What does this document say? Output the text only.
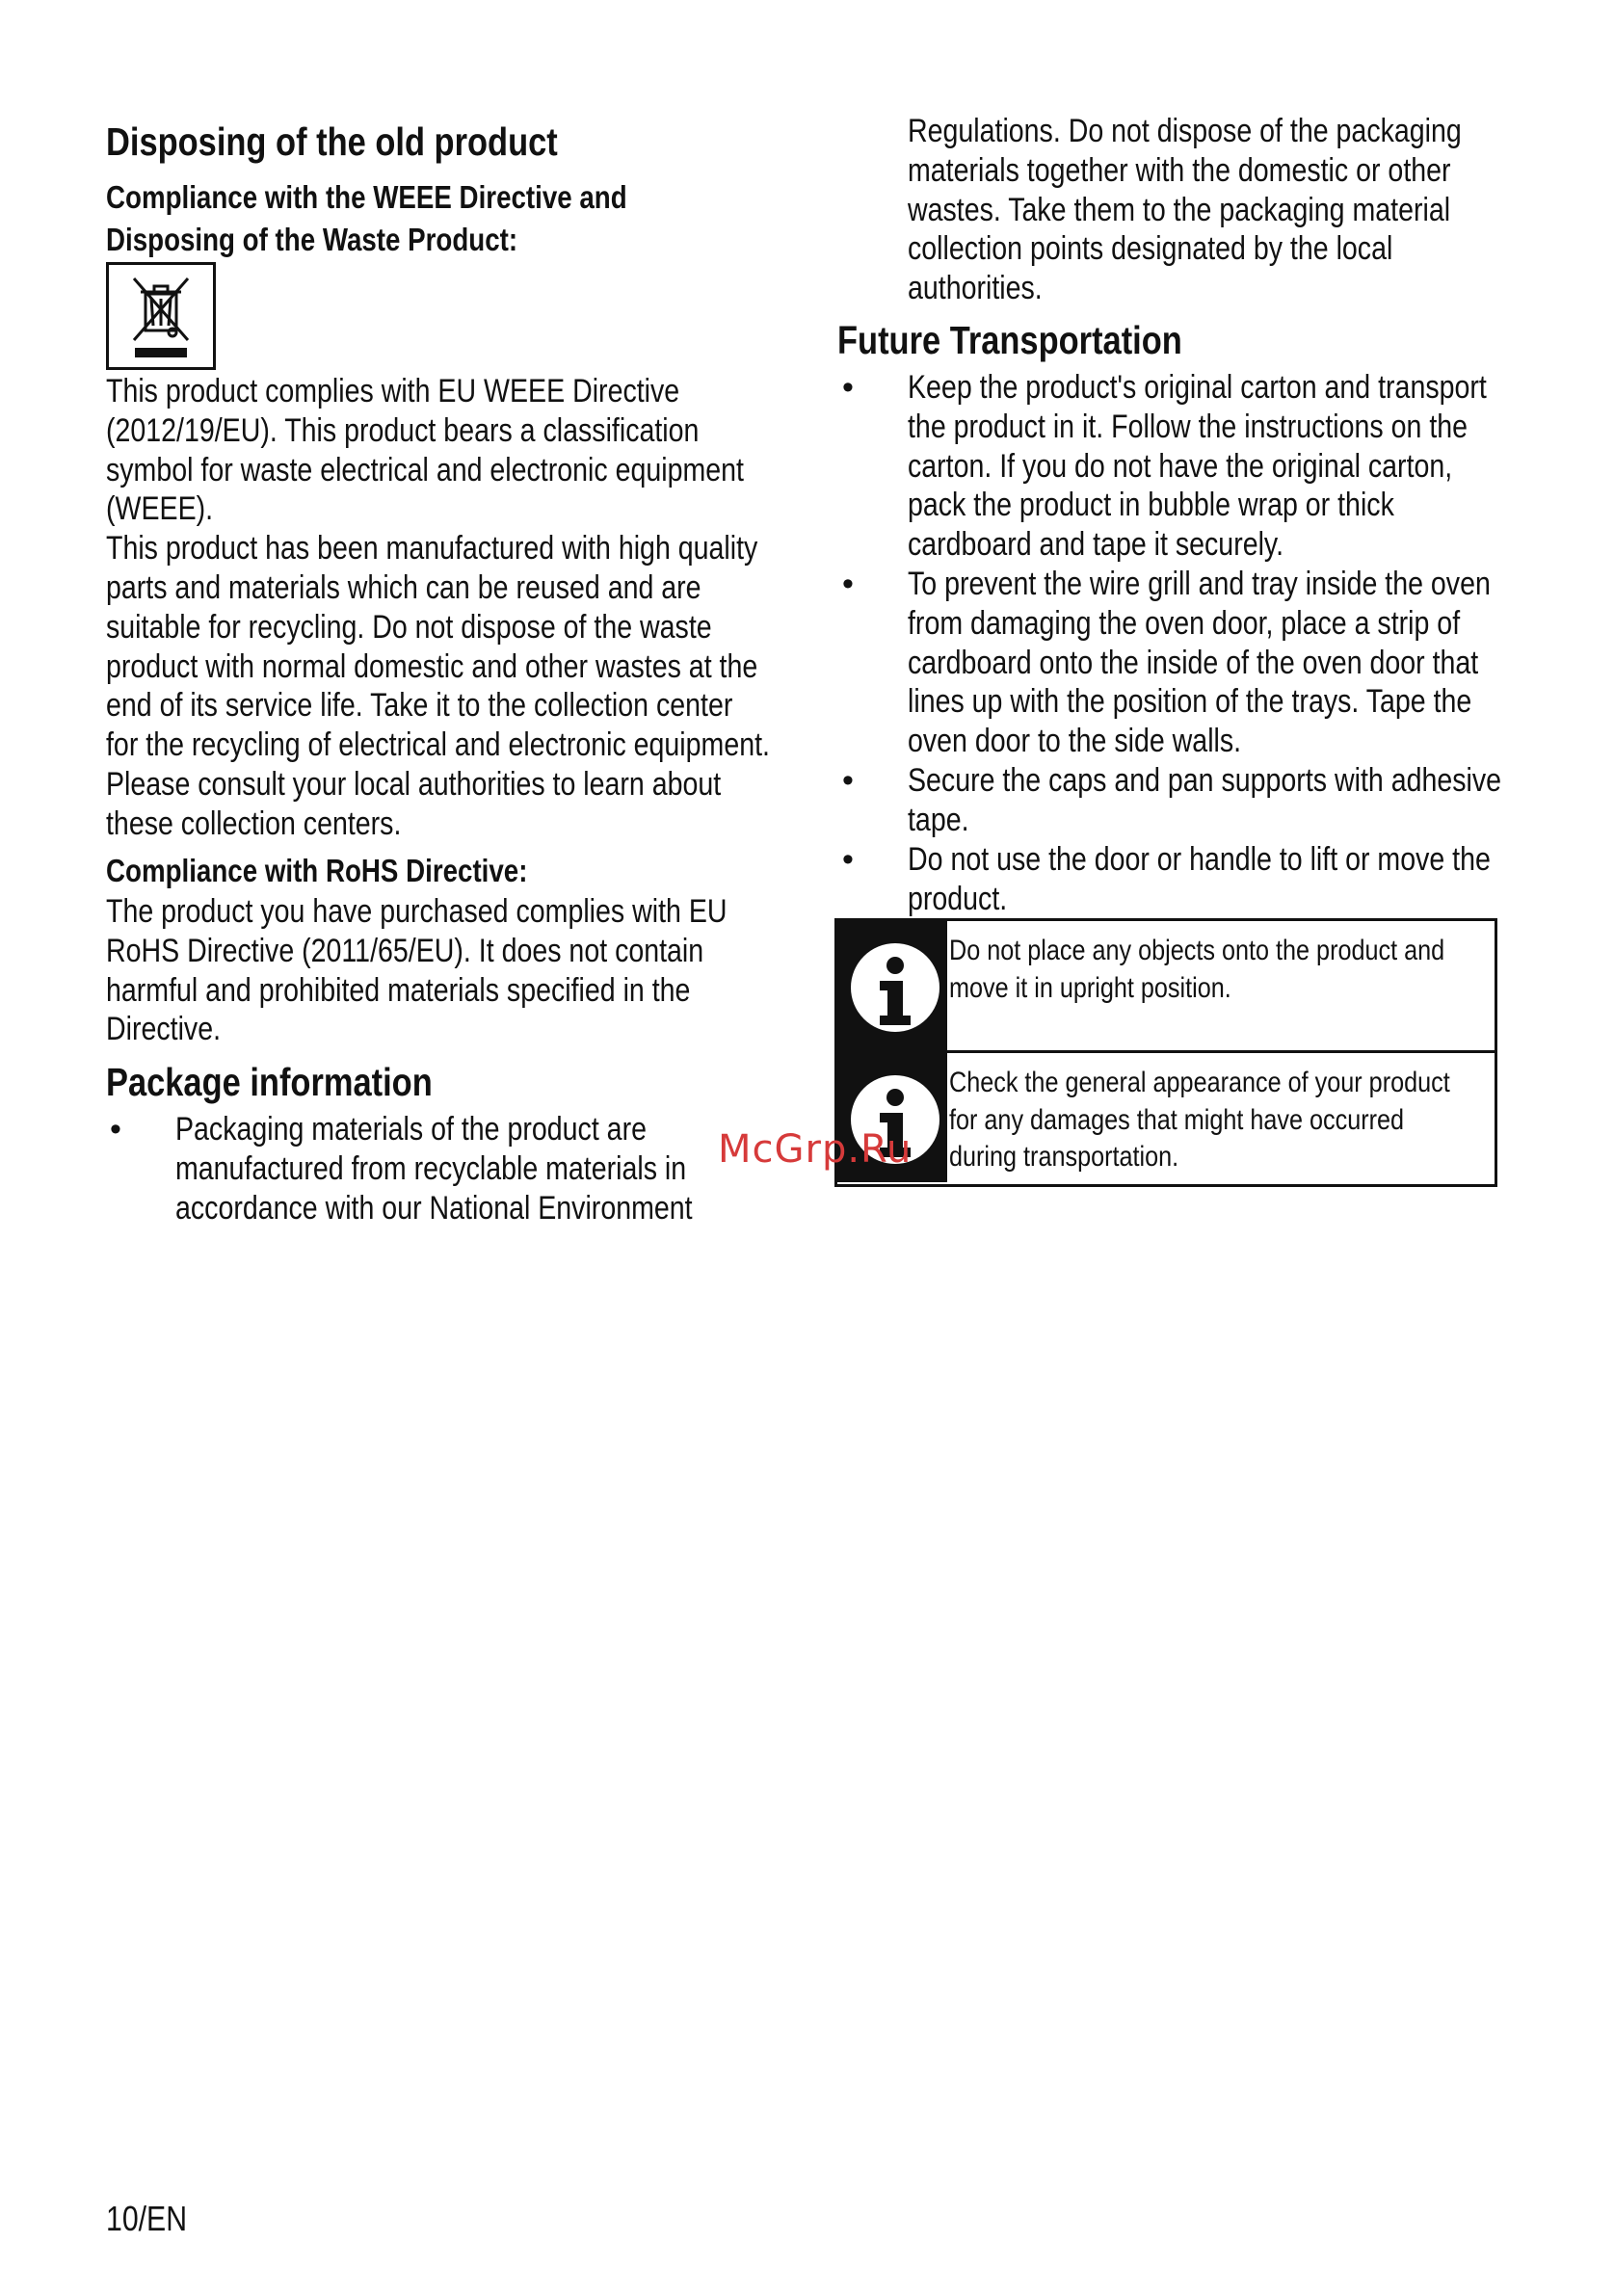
Disposing of the old product
Compliance with the WEEE Directive and
Disposing of the Waste Product:
This product complies with EU WEEE Directive
(2012/19/EU). This product bears a classification
symbol for waste electrical and electronic equipment
(WEEE).
This product has been manufactured with high quality
parts and materials which can be reused and are
suitable for recycling. Do not dispose of the waste
product with normal domestic and other wastes at the
end of its service life. Take it to the collection center
for the recycling of electrical and electronic equipment.
Please consult your local authorities to learn about
these collection centers.
Compliance with RoHS Directive:
The product you have purchased complies with EU
RoHS Directive (2011/65/EU). It does not contain
harmful and prohibited materials specified in the
Directive.
Package information
• Packaging materials of the product are
manufactured from recyclable materials in
accordance with our National Environment
Regulations. Do not dispose of the packaging
materials together with the domestic or other
wastes. Take them to the packaging material
collection points designated by the local
authorities.
Future Transportation
• Keep the product's original carton and transport
the product in it. Follow the instructions on the
carton. If you do not have the original carton,
pack the product in bubble wrap or thick
cardboard and tape it securely.
• To prevent the wire grill and tray inside the oven
from damaging the oven door, place a strip of
cardboard onto the inside of the oven door that
lines up with the position of the trays. Tape the
oven door to the side walls.
• Secure the caps and pan supports with adhesive
tape.
• Do not use the door or handle to lift or move the
product.
Do not place any objects onto the product and
move it in upright position.
Check the general appearance of your product
for any damages that might have occurred
during transportation.
McGrp.Ru
10/EN
